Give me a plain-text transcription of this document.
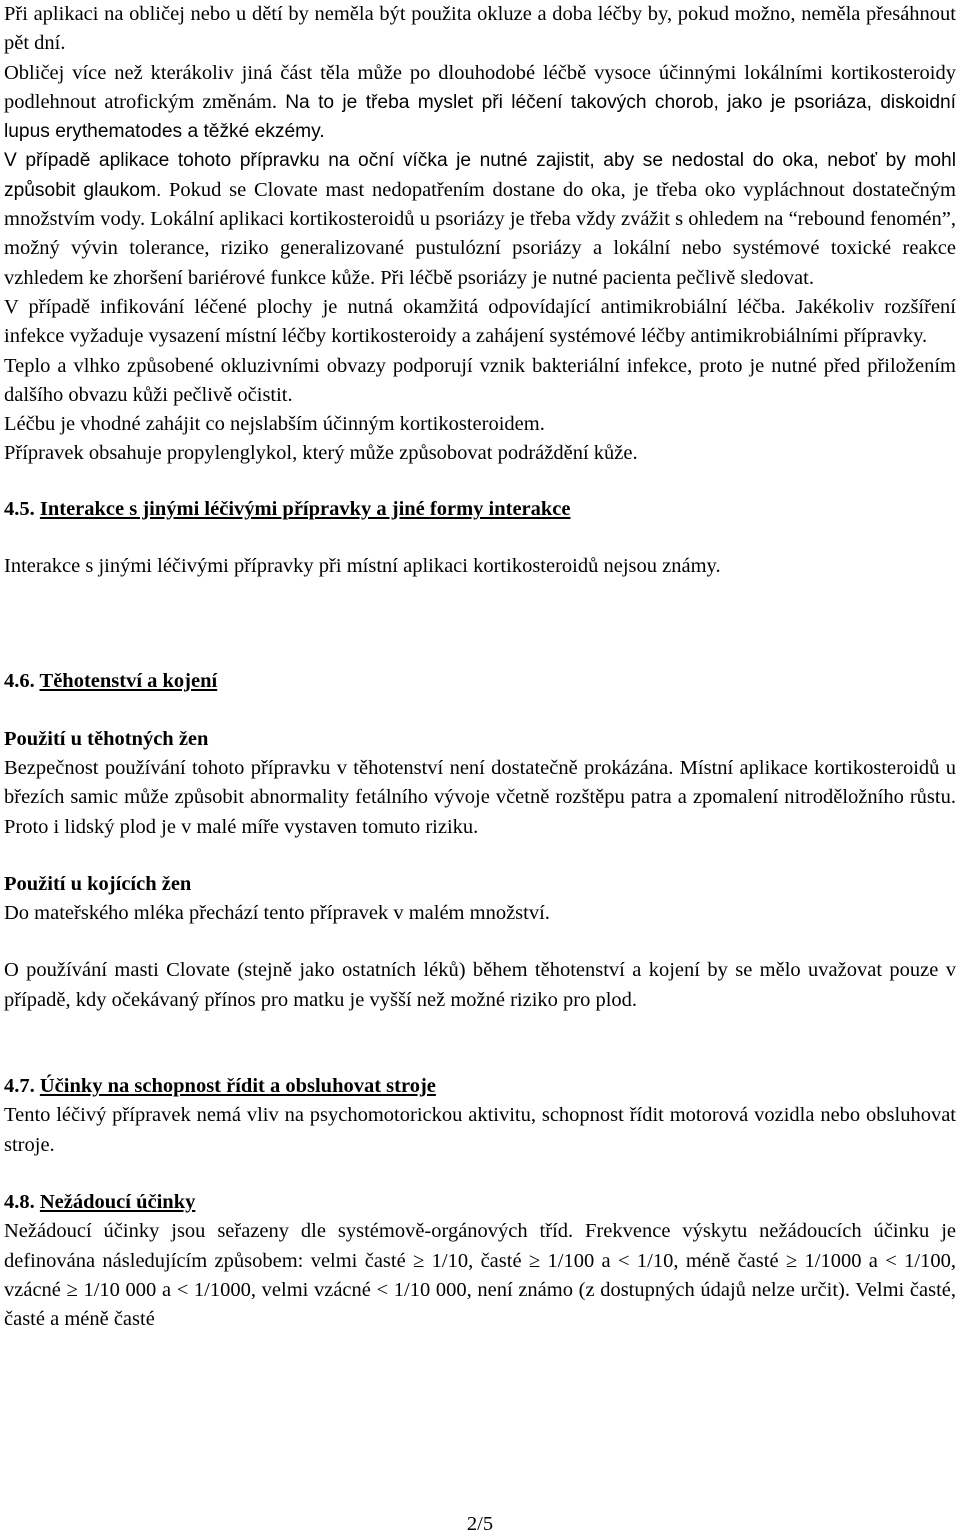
Při aplikaci na obličej nebo u dětí by neměla být použita okluze a doba léčby by, pokud možno, neměla přesáhnout pět dní.
Obličej více než kterákoliv jiná část těla může po dlouhodobé léčbě vysoce účinnými lokálními kortikosteroidy podlehnout atrofickým změnám. Na to je třeba myslet při léčení takových chorob, jako je psoriáza, diskoidní lupus erythematodes a těžké ekzémy.

V případě aplikace tohoto přípravku na oční víčka je nutné zajistit, aby se nedostal do oka, neboť by mohl způsobit glaukom. Pokud se Clovate mast nedopatřením dostane do oka, je třeba oko vypláchnout dostatečným množstvím vody. Lokální aplikaci kortikosteroidů u psoriázy je třeba vždy zvážit s ohledem na “rebound fenomén”, možný vývin tolerance, riziko generalizované pustulózní psoriázy a lokální nebo systémové toxické reakce vzhledem ke zhoršení bariérové funkce kůže. Při léčbě psoriázy je nutné pacienta pečlivě sledovat.

V případě infikování léčené plochy je nutná okamžitá odpovídající antimikrobiální léčba. Jakékoliv rozšíření infekce vyžaduje vysazení místní léčby kortikosteroidy a zahájení systémové léčby antimikrobiálními přípravky.

Teplo a vlhko způsobené okluzivními obvazy podporují vznik bakteriální infekce, proto je nutné před přiložením dalšího obvazu kůži pečlivě očistit.

Léčbu je vhodné zahájit co nejslabším účinným kortikosteroidem.

Přípravek obsahuje propylenglykol, který může způsobovat podráždění kůže.

4.5. Interakce s jinými léčivými přípravky a jiné formy interakce

Interakce s jinými léčivými přípravky při místní aplikaci kortikosteroidů nejsou známy.

4.6. Těhotenství a kojení

Použití u těhotných žen

Bezpečnost používání tohoto přípravku v těhotenství není dostatečně prokázána. Místní aplikace kortikosteroidů u březích samic může způsobit abnormality fetálního vývoje včetně rozštěpu patra a zpomalení nitroděložního růstu. Proto i lidský plod je v malé míře vystaven tomuto riziku.

Použití u kojících žen

Do mateřského mléka přechází tento přípravek v malém množství.

O používání masti Clovate (stejně jako ostatních léků) během těhotenství a kojení by se mělo uvažovat pouze v případě, kdy očekávaný přínos pro matku je vyšší než možné riziko pro plod.

4.7. Účinky na schopnost řídit a obsluhovat stroje

Tento léčivý přípravek nemá vliv na psychomotorickou aktivitu, schopnost řídit motorová vozidla nebo obsluhovat stroje.

4.8. Nežádoucí účinky

Nežádoucí účinky jsou seřazeny dle systémově-orgánových tříd. Frekvence výskytu nežádoucích účinku je definována následujícím způsobem: velmi časté ≥ 1/10, časté ≥ 1/100 a < 1/10, méně časté ≥ 1/1000 a < 1/100, vzácné ≥ 1/10 000 a < 1/1000, velmi vzácné < 1/10 000, není známo (z dostupných údajů nelze určit). Velmi časté, časté a méně časté

2/5
